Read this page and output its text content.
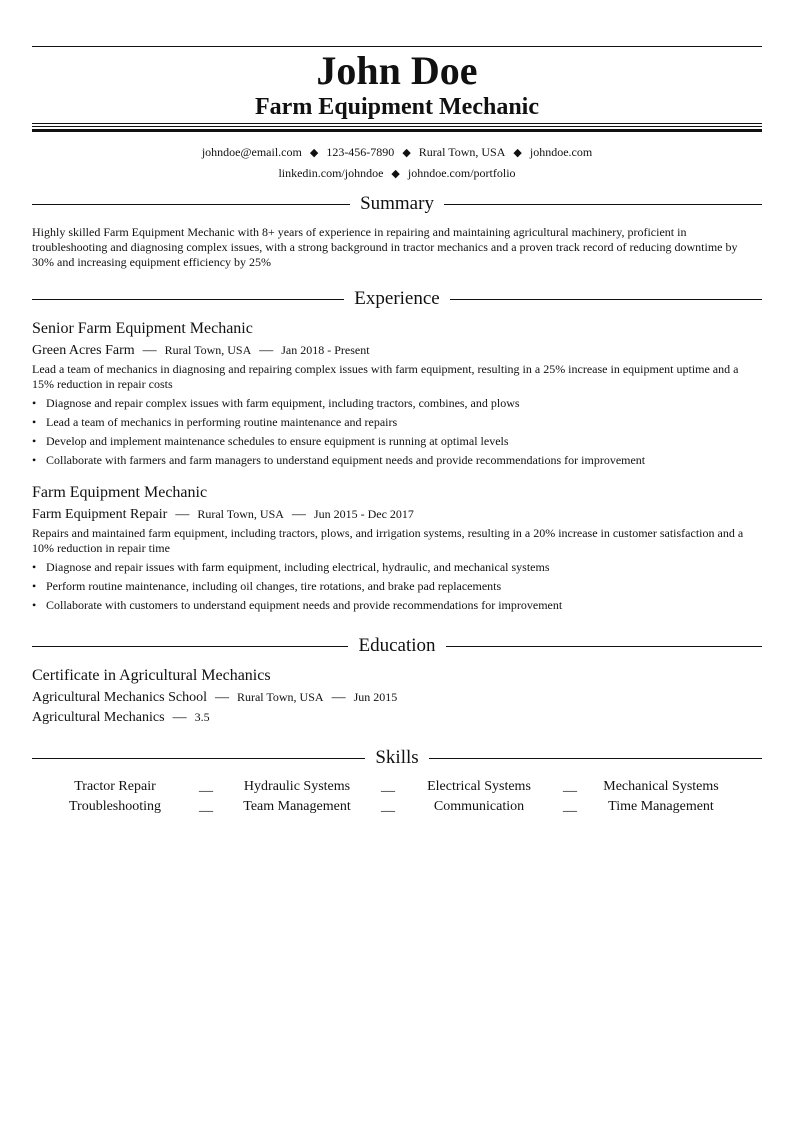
John Doe
Farm Equipment Mechanic
johndoe@email.com ◆ 123-456-7890 ◆ Rural Town, USA ◆ johndoe.com
linkedin.com/johndoe ◆ johndoe.com/portfolio
Summary
Highly skilled Farm Equipment Mechanic with 8+ years of experience in repairing and maintaining agricultural machinery, proficient in troubleshooting and diagnosing complex issues, with a strong background in tractor mechanics and a proven track record of reducing downtime by 30% and increasing equipment efficiency by 25%
Experience
Senior Farm Equipment Mechanic
Green Acres Farm — Rural Town, USA — Jan 2018 - Present
Lead a team of mechanics in diagnosing and repairing complex issues with farm equipment, resulting in a 25% increase in equipment uptime and a 15% reduction in repair costs
• Diagnose and repair complex issues with farm equipment, including tractors, combines, and plows
• Lead a team of mechanics in performing routine maintenance and repairs
• Develop and implement maintenance schedules to ensure equipment is running at optimal levels
• Collaborate with farmers and farm managers to understand equipment needs and provide recommendations for improvement
Farm Equipment Mechanic
Farm Equipment Repair — Rural Town, USA — Jun 2015 - Dec 2017
Repairs and maintained farm equipment, including tractors, plows, and irrigation systems, resulting in a 20% increase in customer satisfaction and a 10% reduction in repair time
• Diagnose and repair issues with farm equipment, including electrical, hydraulic, and mechanical systems
• Perform routine maintenance, including oil changes, tire rotations, and brake pad replacements
• Collaborate with customers to understand equipment needs and provide recommendations for improvement
Education
Certificate in Agricultural Mechanics
Agricultural Mechanics School — Rural Town, USA — Jun 2015
Agricultural Mechanics — 3.5
Skills
Tractor Repair	__	Hydraulic Systems	__	Electrical Systems	__	Mechanical Systems
Troubleshooting	__	Team Management	__	Communication	__	Time Management
